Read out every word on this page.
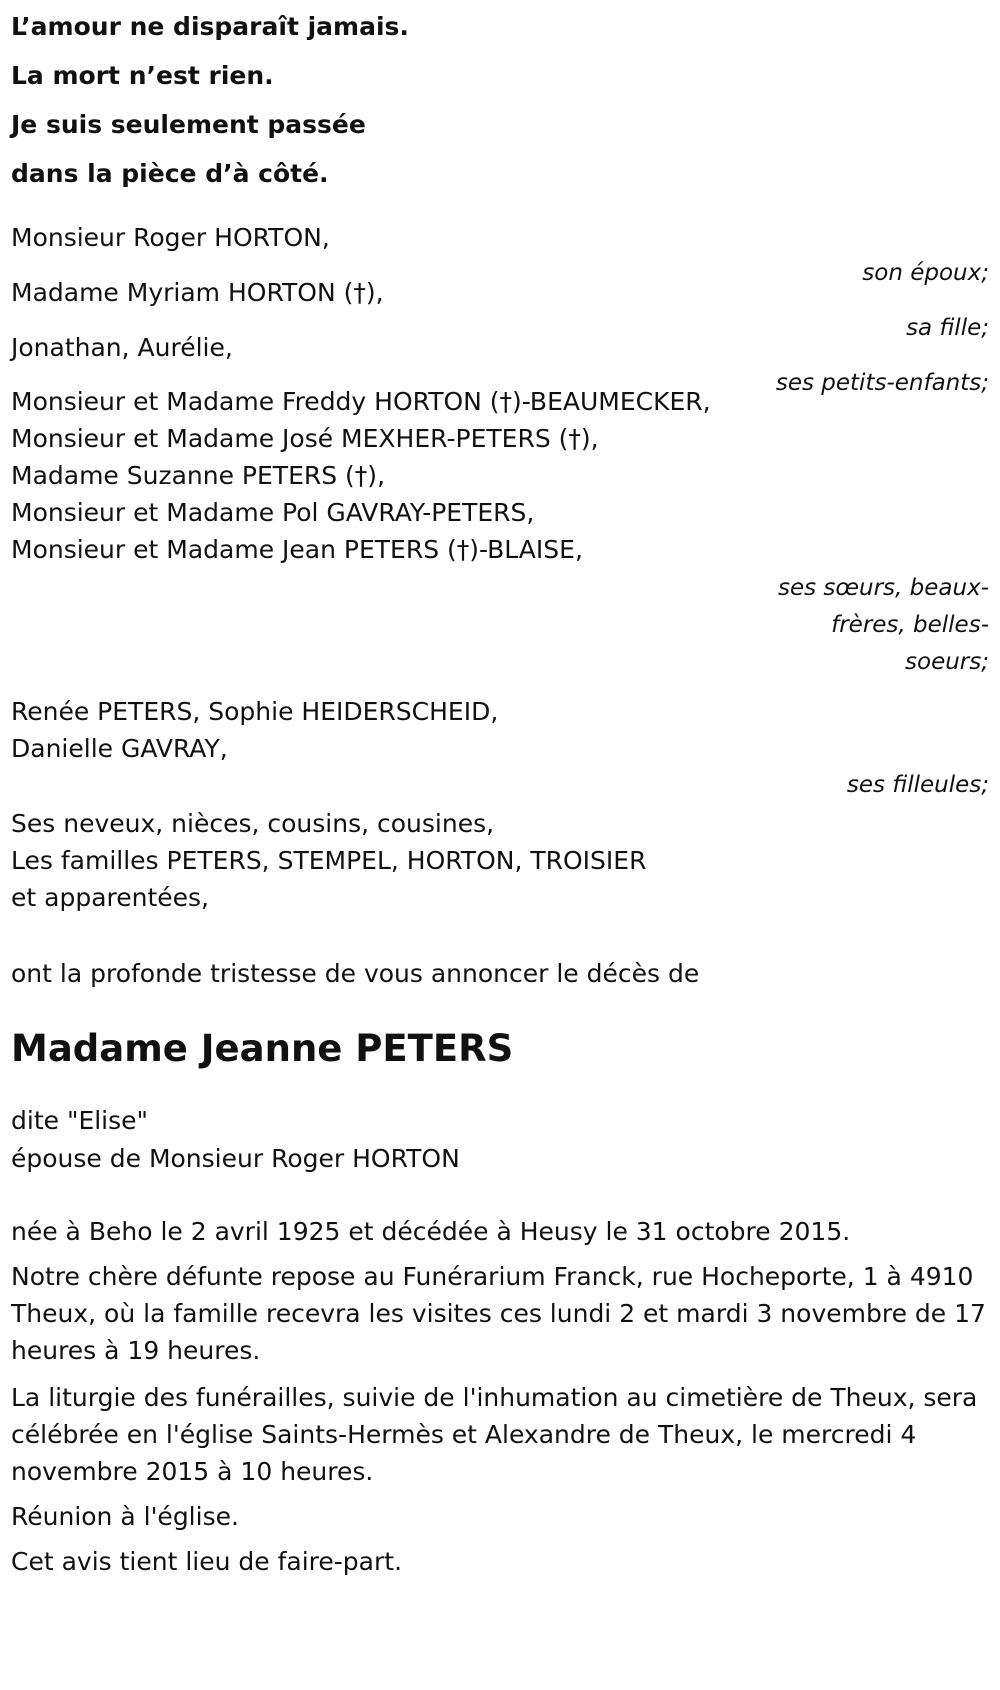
L’amour ne disparaît jamais.
La mort n’est rien.
Je suis seulement passée
dans la pièce d’à côté.
Monsieur Roger HORTON,
son époux;
Madame Myriam HORTON (†),
sa fille;
Jonathan, Aurélie,
ses petits-enfants;
Monsieur et Madame Freddy HORTON (†)-BEAUMECKER,
Monsieur et Madame José MEXHER-PETERS (†),
Madame Suzanne PETERS (†),
Monsieur et Madame Pol GAVRAY-PETERS,
Monsieur et Madame Jean PETERS (†)-BLAISE,
ses sœurs, beaux-frères, belles-soeurs;
Renée PETERS, Sophie HEIDERSCHEID,
Danielle GAVRAY,
ses filleules;
Ses neveux, nièces, cousins, cousines,
Les familles PETERS, STEMPEL, HORTON, TROISIER
et apparentées,
ont la profonde tristesse de vous annoncer le décès de
Madame Jeanne PETERS
dite "Elise"
épouse de Monsieur Roger HORTON
née à Beho le 2 avril 1925 et décédée à Heusy le 31 octobre 2015.
Notre chère défunte repose au Funérarium Franck, rue Hocheporte, 1 à 4910 Theux, où la famille recevra les visites ces lundi 2 et mardi 3 novembre de 17 heures à 19 heures.
La liturgie des funérailles, suivie de l'inhumation au cimetière de Theux, sera célébrée en l'église Saints-Hermès et Alexandre de Theux, le mercredi 4 novembre 2015 à 10 heures.
Réunion à l'église.
Cet avis tient lieu de faire-part.
